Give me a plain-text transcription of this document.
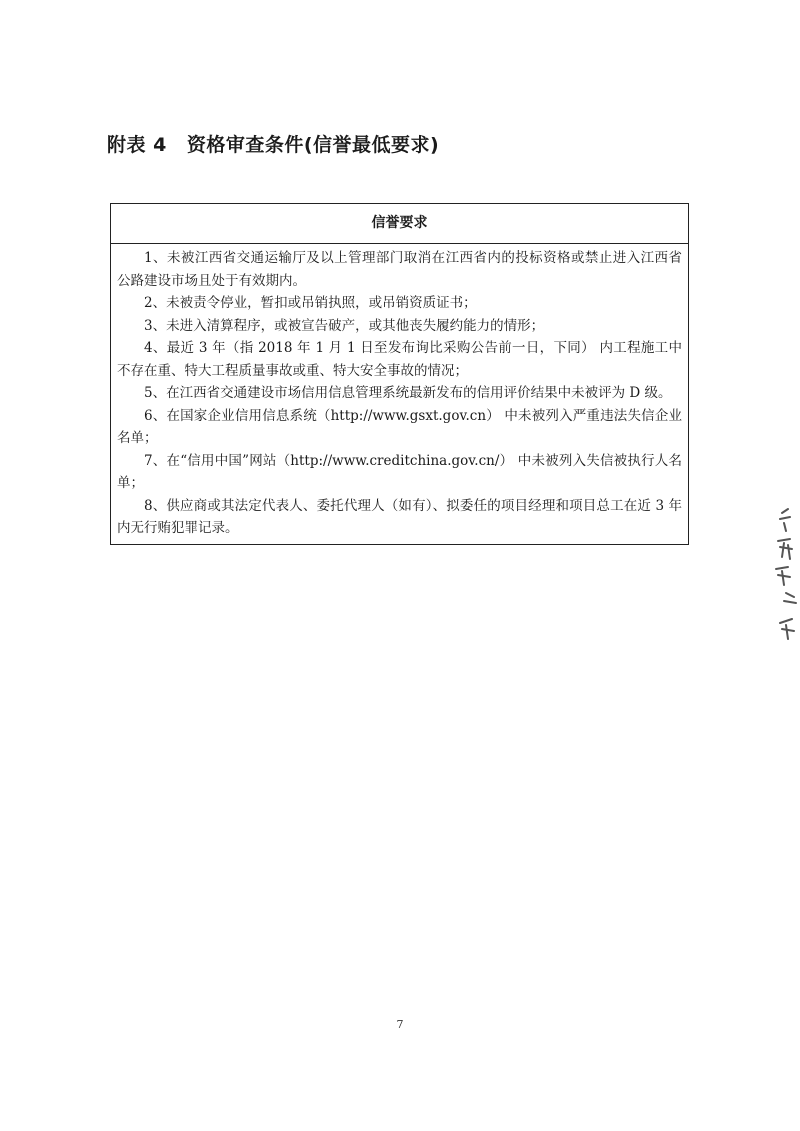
附表 4 资格审查条件(信誉最低要求)
信誉要求

1、未被江西省交通运输厅及以上管理部门取消在江西省内的投标资格或禁止进入江西省 公路建设市场且处于有效期内。

2、未被责令停业，暂扣或吊销执照，或吊销资质证书；

3、未进入清算程序，或被宣告破产，或其他丧失履约能力的情形；

4、最近 3 年（指 2018 年 1 月 1 日至发布询比采购公告前一日，下同） 内工程施工中不存在重、特大工程质量事故或重、特大安全事故的情况；

5、在江西省交通建设市场信用信息管理系统最新发布的信用评价结果中未被评为 D 级。

6、在国家企业信用信息系统（http://www.gsxt.gov.cn） 中未被列入严重违法失信企业名单；

7、在“信用中国”网站（http://www.creditchina.gov.cn/） 中未被列入失信被执行人名单；

8、供应商或其法定代表人、委托代理人（如有）、拟委任的项目经理和项目总工在近 3 年内无行贿犯罪记录。

7
